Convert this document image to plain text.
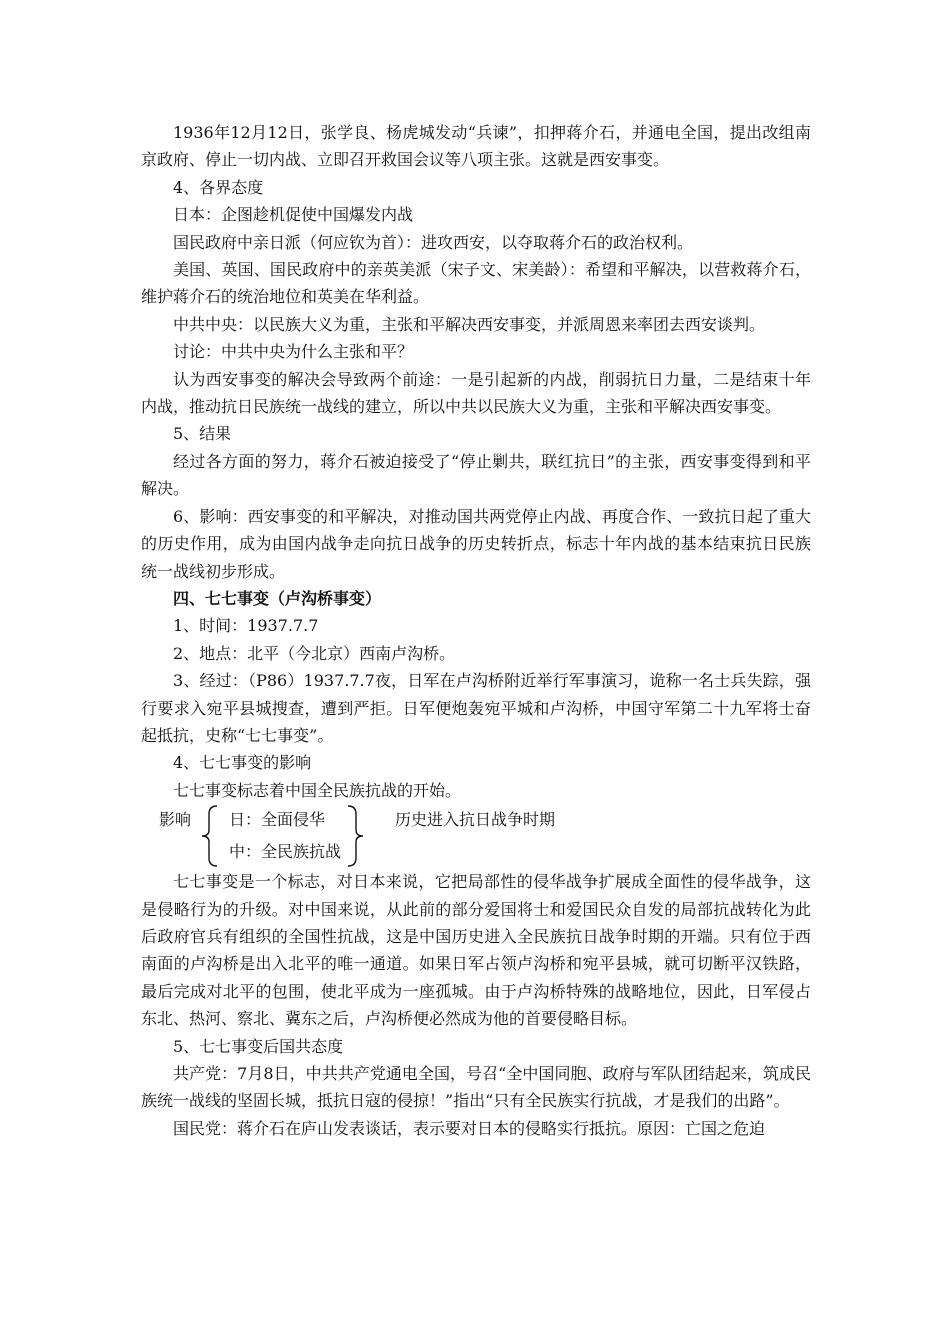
1936年12月12日，张学良、杨虎城发动“兵谏”，扣押蒋介石，并通电全国，提出改组南京政府、停止一切内战、立即召开救国会议等八项主张。这就是西安事变。

4、各界态度

日本：企图趁机促使中国爆发内战

国民政府中亲日派（何应钦为首）：进攻西安，以夺取蒋介石的政治权利。

美国、英国、国民政府中的亲英美派（宋子文、宋美龄）：希望和平解决，以营救蒋介石，维护蒋介石的统治地位和英美在华利益。

中共中央：以民族大义为重，主张和平解决西安事变，并派周恩来率团去西安谈判。

讨论：中共中央为什么主张和平？

认为西安事变的解决会导致两个前途：一是引起新的内战，削弱抗日力量，二是结束十年内战，推动抗日民族统一战线的建立，所以中共以民族大义为重，主张和平解决西安事变。

5、结果

经过各方面的努力，蒋介石被迫接受了“停止剿共，联红抗日”的主张，西安事变得到和平解决。

6、影响：西安事变的和平解决，对推动国共两党停止内战、再度合作、一致抗日起了重大的历史作用，成为由国内战争走向抗日战争的历史转折点，标志十年内战的基本结束抗日民族统一战线初步形成。

四、七七事变（卢沟桥事变）

1、时间：1937.7.7

2、地点：北平（今北京）西南卢沟桥。

3、经过：（P86）1937.7.7夜，日军在卢沟桥附近举行军事演习，诡称一名士兵失踪，强行要求入宛平县城搜查，遭到严拒。日军便炮轰宛平城和卢沟桥，中国守军第二十九军将士奋起抵抗，史称“七七事变”。

4、七七事变的影响

七七事变标志着中国全民族抗战的开始。

影响 日：全面侵华
中：全民族抗战
历史进入抗日战争时期

七七事变是一个标志，对日本来说，它把局部性的侵华战争扩展成全面性的侵华战争，这是侵略行为的升级。对中国来说，从此前的部分爱国将士和爱国民众自发的局部抗战转化为此后政府官兵有组织的全国性抗战，这是中国历史进入全民族抗日战争时期的开端。只有位于西南面的卢沟桥是出入北平的唯一通道。如果日军占领卢沟桥和宛平县城，就可切断平汉铁路，最后完成对北平的包围，使北平成为一座孤城。由于卢沟桥特殊的战略地位，因此，日军侵占东北、热河、察北、冀东之后，卢沟桥便必然成为他的首要侵略目标。

5、七七事变后国共态度

共产党：7月8日，中共共产党通电全国，号召“全中国同胞、政府与军队团结起来，筑成民族统一战线的坚固长城，抵抗日寇的侵掠！”指出“只有全民族实行抗战，才是我们的出路”。

国民党：蒋介石在庐山发表谈话，表示要对日本的侵略实行抵抗。原因：亡国之危迫
